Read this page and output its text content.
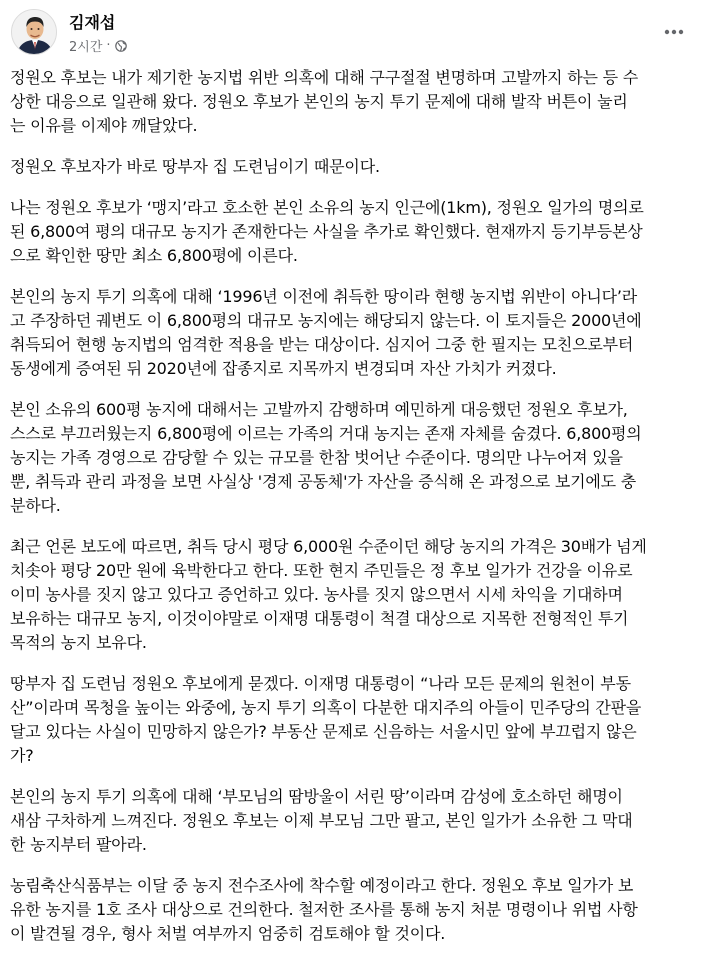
김재섭
2시간 ·

정원오 후보는 내가 제기한 농지법 위반 의혹에 대해 구구절절 변명하며 고발까지 하는 등 수
상한 대응으로 일관해 왔다. 정원오 후보가 본인의 농지 투기 문제에 대해 발작 버튼이 눌리
는 이유를 이제야 깨달았다.

정원오 후보자가 바로 땅부자 집 도련님이기 때문이다.

나는 정원오 후보가 ‘맹지’라고 호소한 본인 소유의 농지 인근에(1km), 정원오 일가의 명의로
된 6,800여 평의 대규모 농지가 존재한다는 사실을 추가로 확인했다. 현재까지 등기부등본상
으로 확인한 땅만 최소 6,800평에 이른다.

본인의 농지 투기 의혹에 대해 ‘1996년 이전에 취득한 땅이라 현행 농지법 위반이 아니다’라
고 주장하던 궤변도 이 6,800평의 대규모 농지에는 해당되지 않는다. 이 토지들은 2000년에
취득되어 현행 농지법의 엄격한 적용을 받는 대상이다. 심지어 그중 한 필지는 모친으로부터
동생에게 증여된 뒤 2020년에 잡종지로 지목까지 변경되며 자산 가치가 커졌다.

본인 소유의 600평 농지에 대해서는 고발까지 감행하며 예민하게 대응했던 정원오 후보가,
스스로 부끄러웠는지 6,800평에 이르는 가족의 거대 농지는 존재 자체를 숨겼다. 6,800평의
농지는 가족 경영으로 감당할 수 있는 규모를 한참 벗어난 수준이다. 명의만 나누어져 있을
뿐, 취득과 관리 과정을 보면 사실상 '경제 공동체'가 자산을 증식해 온 과정으로 보기에도 충
분하다.

최근 언론 보도에 따르면, 취득 당시 평당 6,000원 수준이던 해당 농지의 가격은 30배가 넘게
치솟아 평당 20만 원에 육박한다고 한다. 또한 현지 주민들은 정 후보 일가가 건강을 이유로
이미 농사를 짓지 않고 있다고 증언하고 있다. 농사를 짓지 않으면서 시세 차익을 기대하며
보유하는 대규모 농지, 이것이야말로 이재명 대통령이 척결 대상으로 지목한 전형적인 투기
목적의 농지 보유다.

땅부자 집 도련님 정원오 후보에게 묻겠다. 이재명 대통령이 “나라 모든 문제의 원천이 부동
산”이라며 목청을 높이는 와중에, 농지 투기 의혹이 다분한 대지주의 아들이 민주당의 간판을
달고 있다는 사실이 민망하지 않은가? 부동산 문제로 신음하는 서울시민 앞에 부끄럽지 않은
가?

본인의 농지 투기 의혹에 대해 ‘부모님의 땀방울이 서린 땅’이라며 감성에 호소하던 해명이
새삼 구차하게 느껴진다. 정원오 후보는 이제 부모님 그만 팔고, 본인 일가가 소유한 그 막대
한 농지부터 팔아라.

농림축산식품부는 이달 중 농지 전수조사에 착수할 예정이라고 한다. 정원오 후보 일가가 보
유한 농지를 1호 조사 대상으로 건의한다. 철저한 조사를 통해 농지 처분 명령이나 위법 사항
이 발견될 경우, 형사 처벌 여부까지 엄중히 검토해야 할 것이다.
